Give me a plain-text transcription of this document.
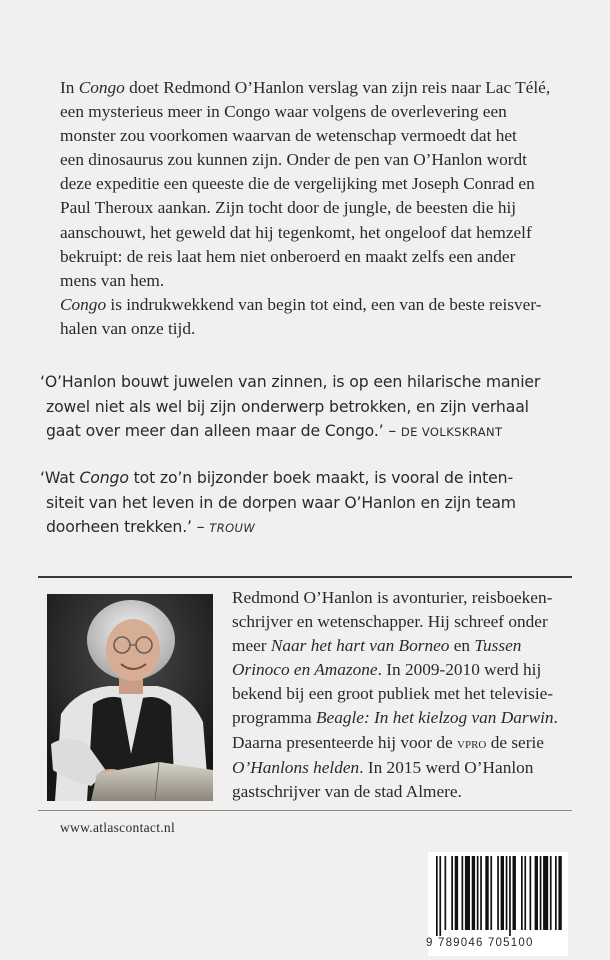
In Congo doet Redmond O’Hanlon verslag van zijn reis naar Lac Télé,

een mysterieus meer in Congo waar volgens de overlevering een

monster zou voorkomen waarvan de wetenschap vermoedt dat het

een dinosaurus zou kunnen zijn. Onder de pen van O’Hanlon wordt

deze expeditie een queeste die de vergelijking met Joseph Conrad en

Paul Theroux aankan. Zijn tocht door de jungle, de beesten die hij

aanschouwt, het geweld dat hij tegenkomt, het ongeloof dat hemzelf

bekruipt: de reis laat hem niet onberoerd en maakt zelfs een ander

mens van hem.

Congo is indrukwekkend van begin tot eind, een van de beste reisver-

halen van onze tijd.

‘O’Hanlon bouwt juwelen van zinnen, is op een hilarische manier
zowel niet als wel bij zijn onderwerp betrokken, en zijn verhaal
gaat over meer dan alleen maar de Congo.’ – DE VOLKSKRANT
‘Wat Congo tot zo’n bijzonder boek maakt, is vooral de inten-
siteit van het leven in de dorpen waar O’Hanlon en zijn team
doorheen trekken.’ – TROUW
Redmond O’Hanlon is avonturier, reisboeken-
schrijver en wetenschapper. Hij schreef onder
meer Naar het hart van Borneo en Tussen
Orinoco en Amazone. In 2009-2010 werd hij
bekend bij een groot publiek met het televisie-
programma Beagle: In het kielzog van Darwin.
Daarna presenteerde hij voor de vpro de serie
O’Hanlons helden. In 2015 werd O’Hanlon
gastschrijver van de stad Almere.
www.atlascontact.nl
9 789046 705100
